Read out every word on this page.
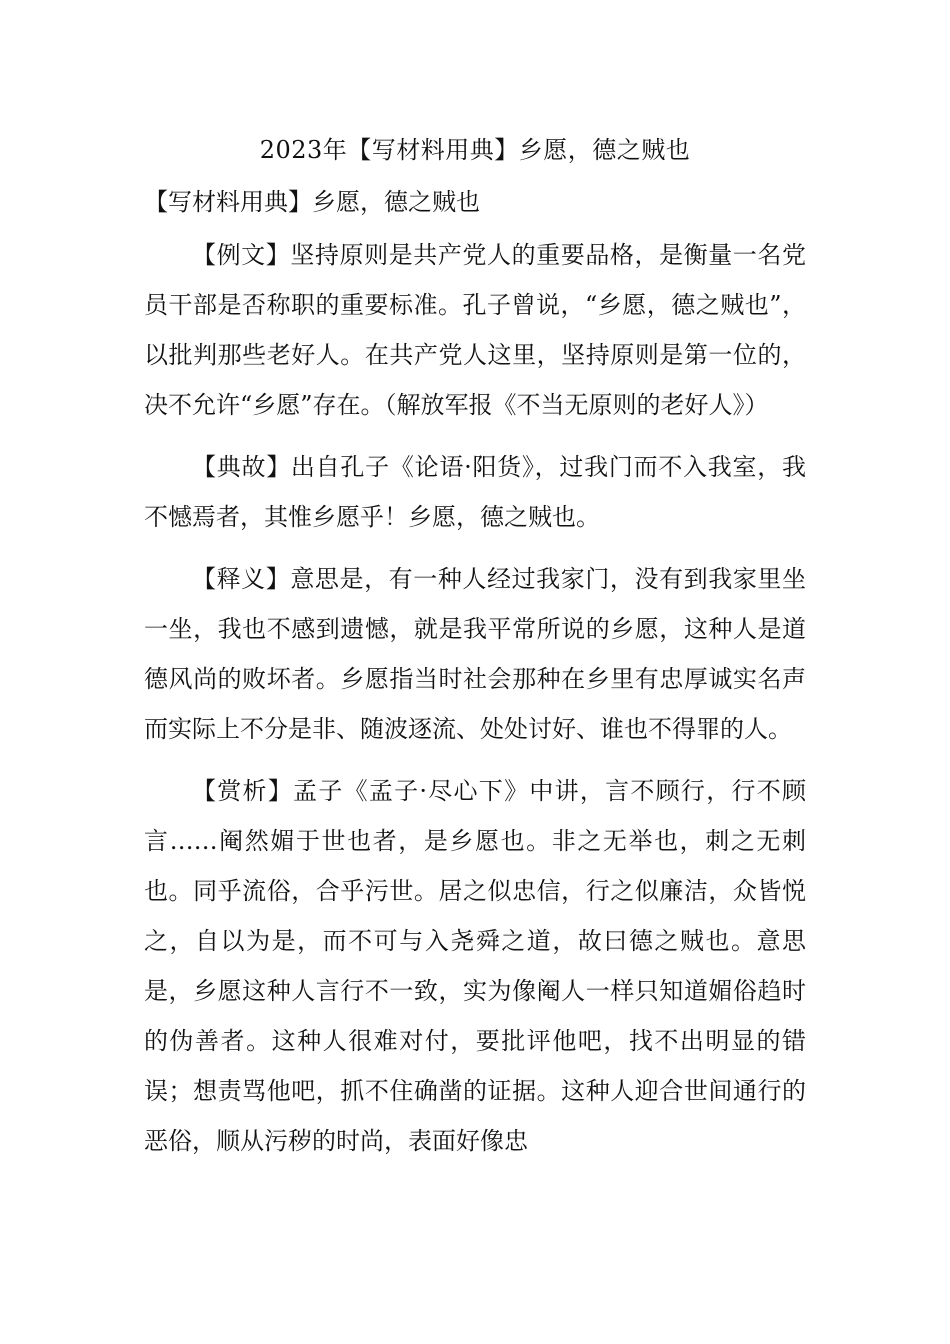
2023年【写材料用典】乡愿，德之贼也
【写材料用典】乡愿，德之贼也

【例文】坚持原则是共产党人的重要品格，是衡量一名党员干部是否称职的重要标准。孔子曾说，“乡愿，德之贼也”，以批判那些老好人。在共产党人这里，坚持原则是第一位的，决不允许“乡愿”存在。（解放军报《不当无原则的老好人》）

【典故】出自孔子《论语·阳货》，过我门而不入我室，我不憾焉者，其惟乡愿乎！乡愿，德之贼也。

【释义】意思是，有一种人经过我家门，没有到我家里坐一坐，我也不感到遗憾，就是我平常所说的乡愿，这种人是道德风尚的败坏者。乡愿指当时社会那种在乡里有忠厚诚实名声而实际上不分是非、随波逐流、处处讨好、谁也不得罪的人。

【赏析】孟子《孟子·尽心下》中讲，言不顾行，行不顾言……阉然媚于世也者，是乡愿也。非之无举也，刺之无刺也。同乎流俗，合乎污世。居之似忠信，行之似廉洁，众皆悦之，自以为是，而不可与入尧舜之道，故曰德之贼也。意思是，乡愿这种人言行不一致，实为像阉人一样只知道媚俗趋时的伪善者。这种人很难对付，要批评他吧，找不出明显的错误；想责骂他吧，抓不住确凿的证据。这种人迎合世间通行的恶俗，顺从污秽的时尚，表面好像忠
